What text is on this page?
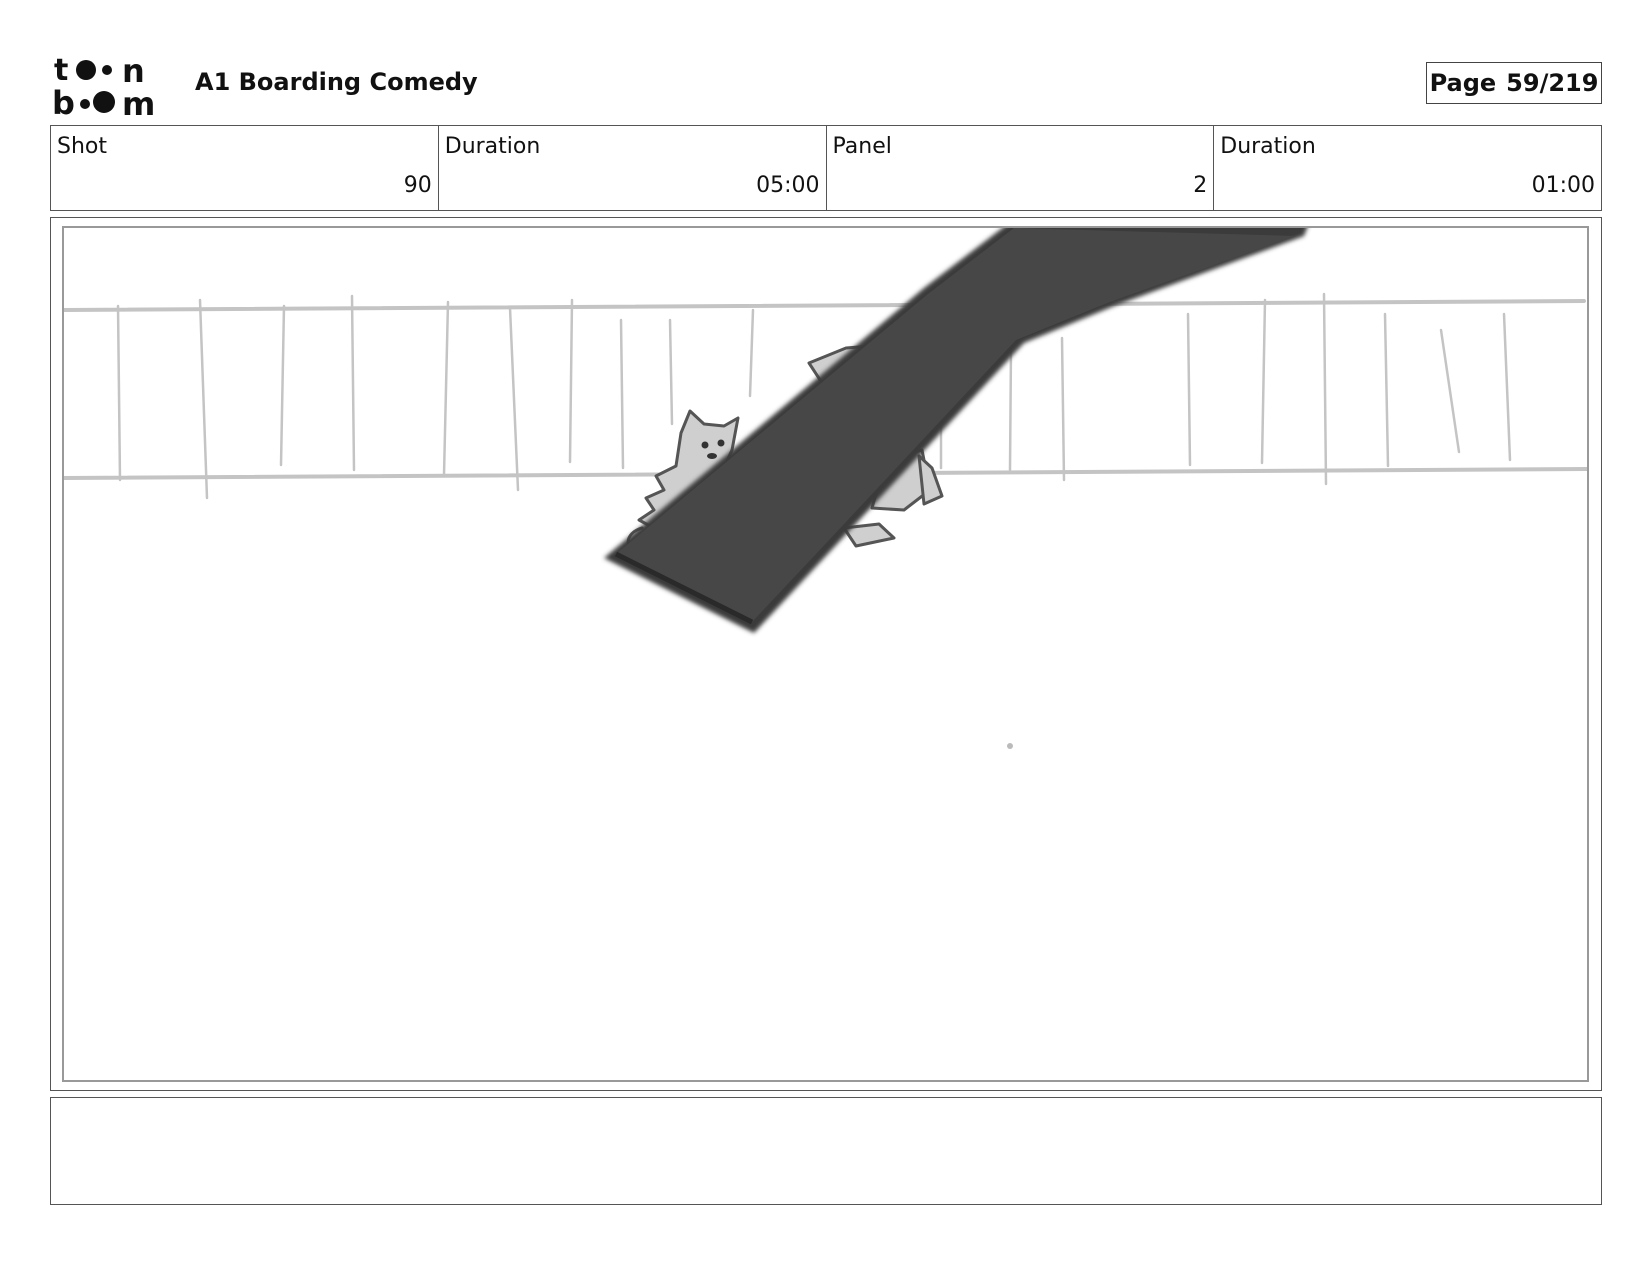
t n
b m
A1 Boarding Comedy	Page 59/219
Shot
90
Duration
05:00
Panel
2
Duration
01:00
